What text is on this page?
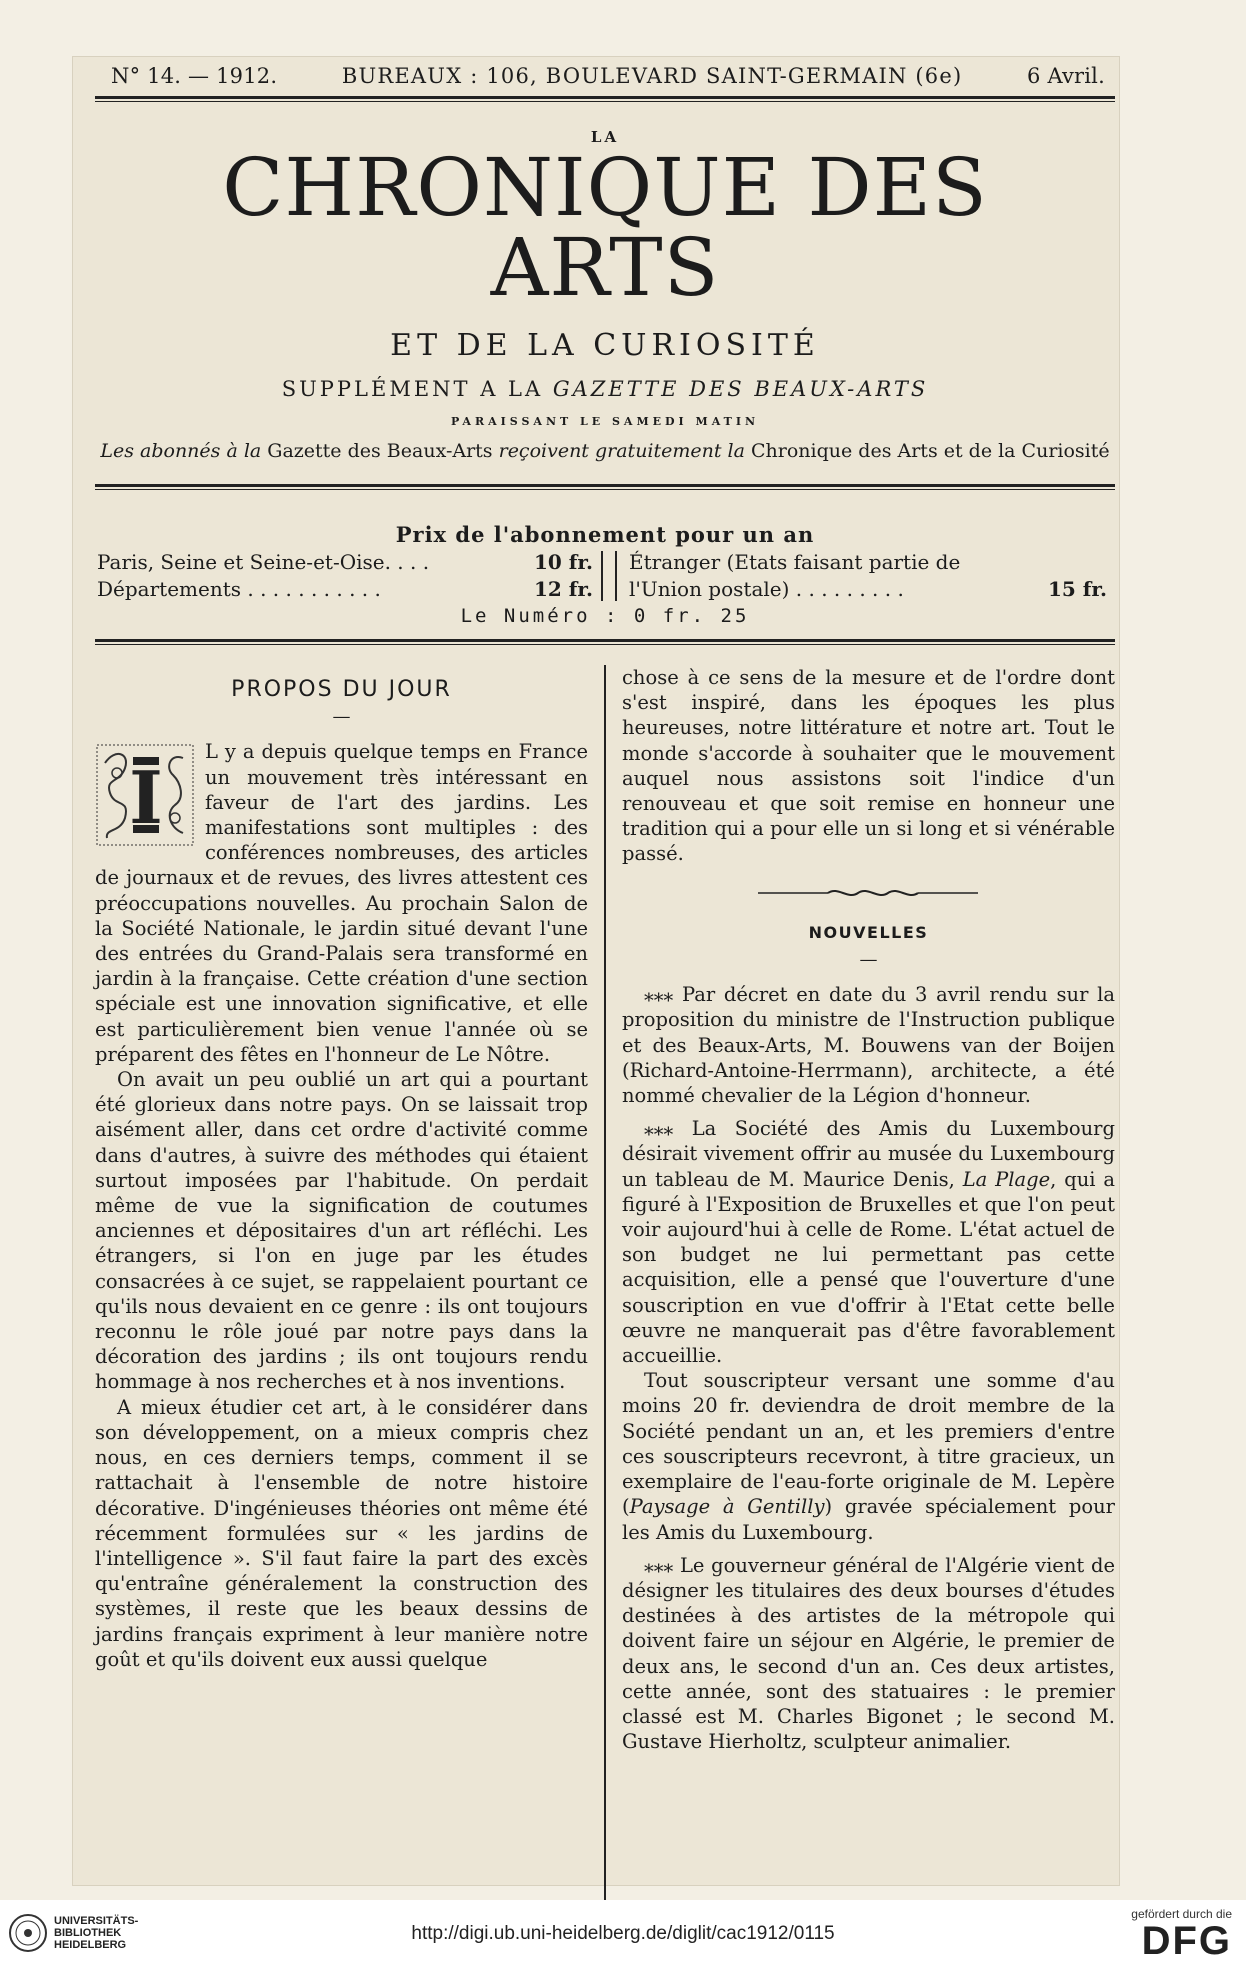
N° 14. — 1912.	BUREAUX : 106, BOULEVARD SAINT-GERMAIN (6e)	6 Avril.
LA
CHRONIQUE DES ARTS
ET DE LA CURIOSITÉ
SUPPLÉMENT A LA GAZETTE DES BEAUX-ARTS
PARAISSANT LE SAMEDI MATIN
Les abonnés à la Gazette des Beaux-Arts reçoivent gratuitement la Chronique des Arts et de la Curiosité
Prix de l'abonnement pour un an
Paris, Seine et Seine-et-Oise. . . .	10 fr.
Départements . . . . . . . . . . .	12 fr.
Étranger (Etats faisant partie de
l'Union postale) . . . . . . . . .	15 fr.
Le Numéro : 0 fr. 25
PROPOS DU JOUR
—
I

L y a depuis quelque temps en France un mouvement très intéressant en faveur de l'art des jardins. Les manifestations sont multiples : des conférences nombreuses, des articles de journaux et de revues, des livres attestent ces préoccupations nouvelles. Au prochain Salon de la Société Nationale, le jardin situé devant l'une des entrées du Grand-Palais sera transformé en jardin à la française. Cette création d'une section spéciale est une innovation significative, et elle est particulièrement bien venue l'année où se préparent des fêtes en l'honneur de Le Nôtre.

On avait un peu oublié un art qui a pourtant été glorieux dans notre pays. On se laissait trop aisément aller, dans cet ordre d'activité comme dans d'autres, à suivre des méthodes qui étaient surtout imposées par l'habitude. On perdait même de vue la signification de coutumes anciennes et dépositaires d'un art réfléchi. Les étrangers, si l'on en juge par les études consacrées à ce sujet, se rappelaient pourtant ce qu'ils nous devaient en ce genre : ils ont toujours reconnu le rôle joué par notre pays dans la décoration des jardins ; ils ont toujours rendu hommage à nos recherches et à nos inventions.

A mieux étudier cet art, à le considérer dans son développement, on a mieux compris chez nous, en ces derniers temps, comment il se rattachait à l'ensemble de notre histoire décorative. D'ingénieuses théories ont même été récemment formulées sur « les jardins de l'intelligence ». S'il faut faire la part des excès qu'entraîne généralement la construction des systèmes, il reste que les beaux dessins de jardins français expriment à leur manière notre goût et qu'ils doivent eux aussi quelque

chose à ce sens de la mesure et de l'ordre dont s'est inspiré, dans les époques les plus heureuses, notre littérature et notre art. Tout le monde s'accorde à souhaiter que le mouvement auquel nous assistons soit l'indice d'un renouveau et que soit remise en honneur une tradition qui a pour elle un si long et si vénérable passé.

NOUVELLES
—

⁎⁎⁎ Par décret en date du 3 avril rendu sur la proposition du ministre de l'Instruction publique et des Beaux-Arts, M. Bouwens van der Boijen (Richard-Antoine-Herrmann), architecte, a été nommé chevalier de la Légion d'honneur.

⁎⁎⁎ La Société des Amis du Luxembourg désirait vivement offrir au musée du Luxembourg un tableau de M. Maurice Denis, La Plage, qui a figuré à l'Exposition de Bruxelles et que l'on peut voir aujourd'hui à celle de Rome. L'état actuel de son budget ne lui permettant pas cette acquisition, elle a pensé que l'ouverture d'une souscription en vue d'offrir à l'Etat cette belle œuvre ne manquerait pas d'être favorablement accueillie.

Tout souscripteur versant une somme d'au moins 20 fr. deviendra de droit membre de la Société pendant un an, et les premiers d'entre ces souscripteurs recevront, à titre gracieux, un exemplaire de l'eau-forte originale de M. Lepère (Paysage à Gentilly) gravée spécialement pour les Amis du Luxembourg.

⁎⁎⁎ Le gouverneur général de l'Algérie vient de désigner les titulaires des deux bourses d'études destinées à des artistes de la métropole qui doivent faire un séjour en Algérie, le premier de deux ans, le second d'un an. Ces deux artistes, cette année, sont des statuaires : le premier classé est M. Charles Bigonet ; le second M. Gustave Hierholtz, sculpteur animalier.

UNIVERSITÄTS-
BIBLIOTHEK
HEIDELBERG
http://digi.ub.uni-heidelberg.de/diglit/cac1912/0115
gefördert durch die
DFG
